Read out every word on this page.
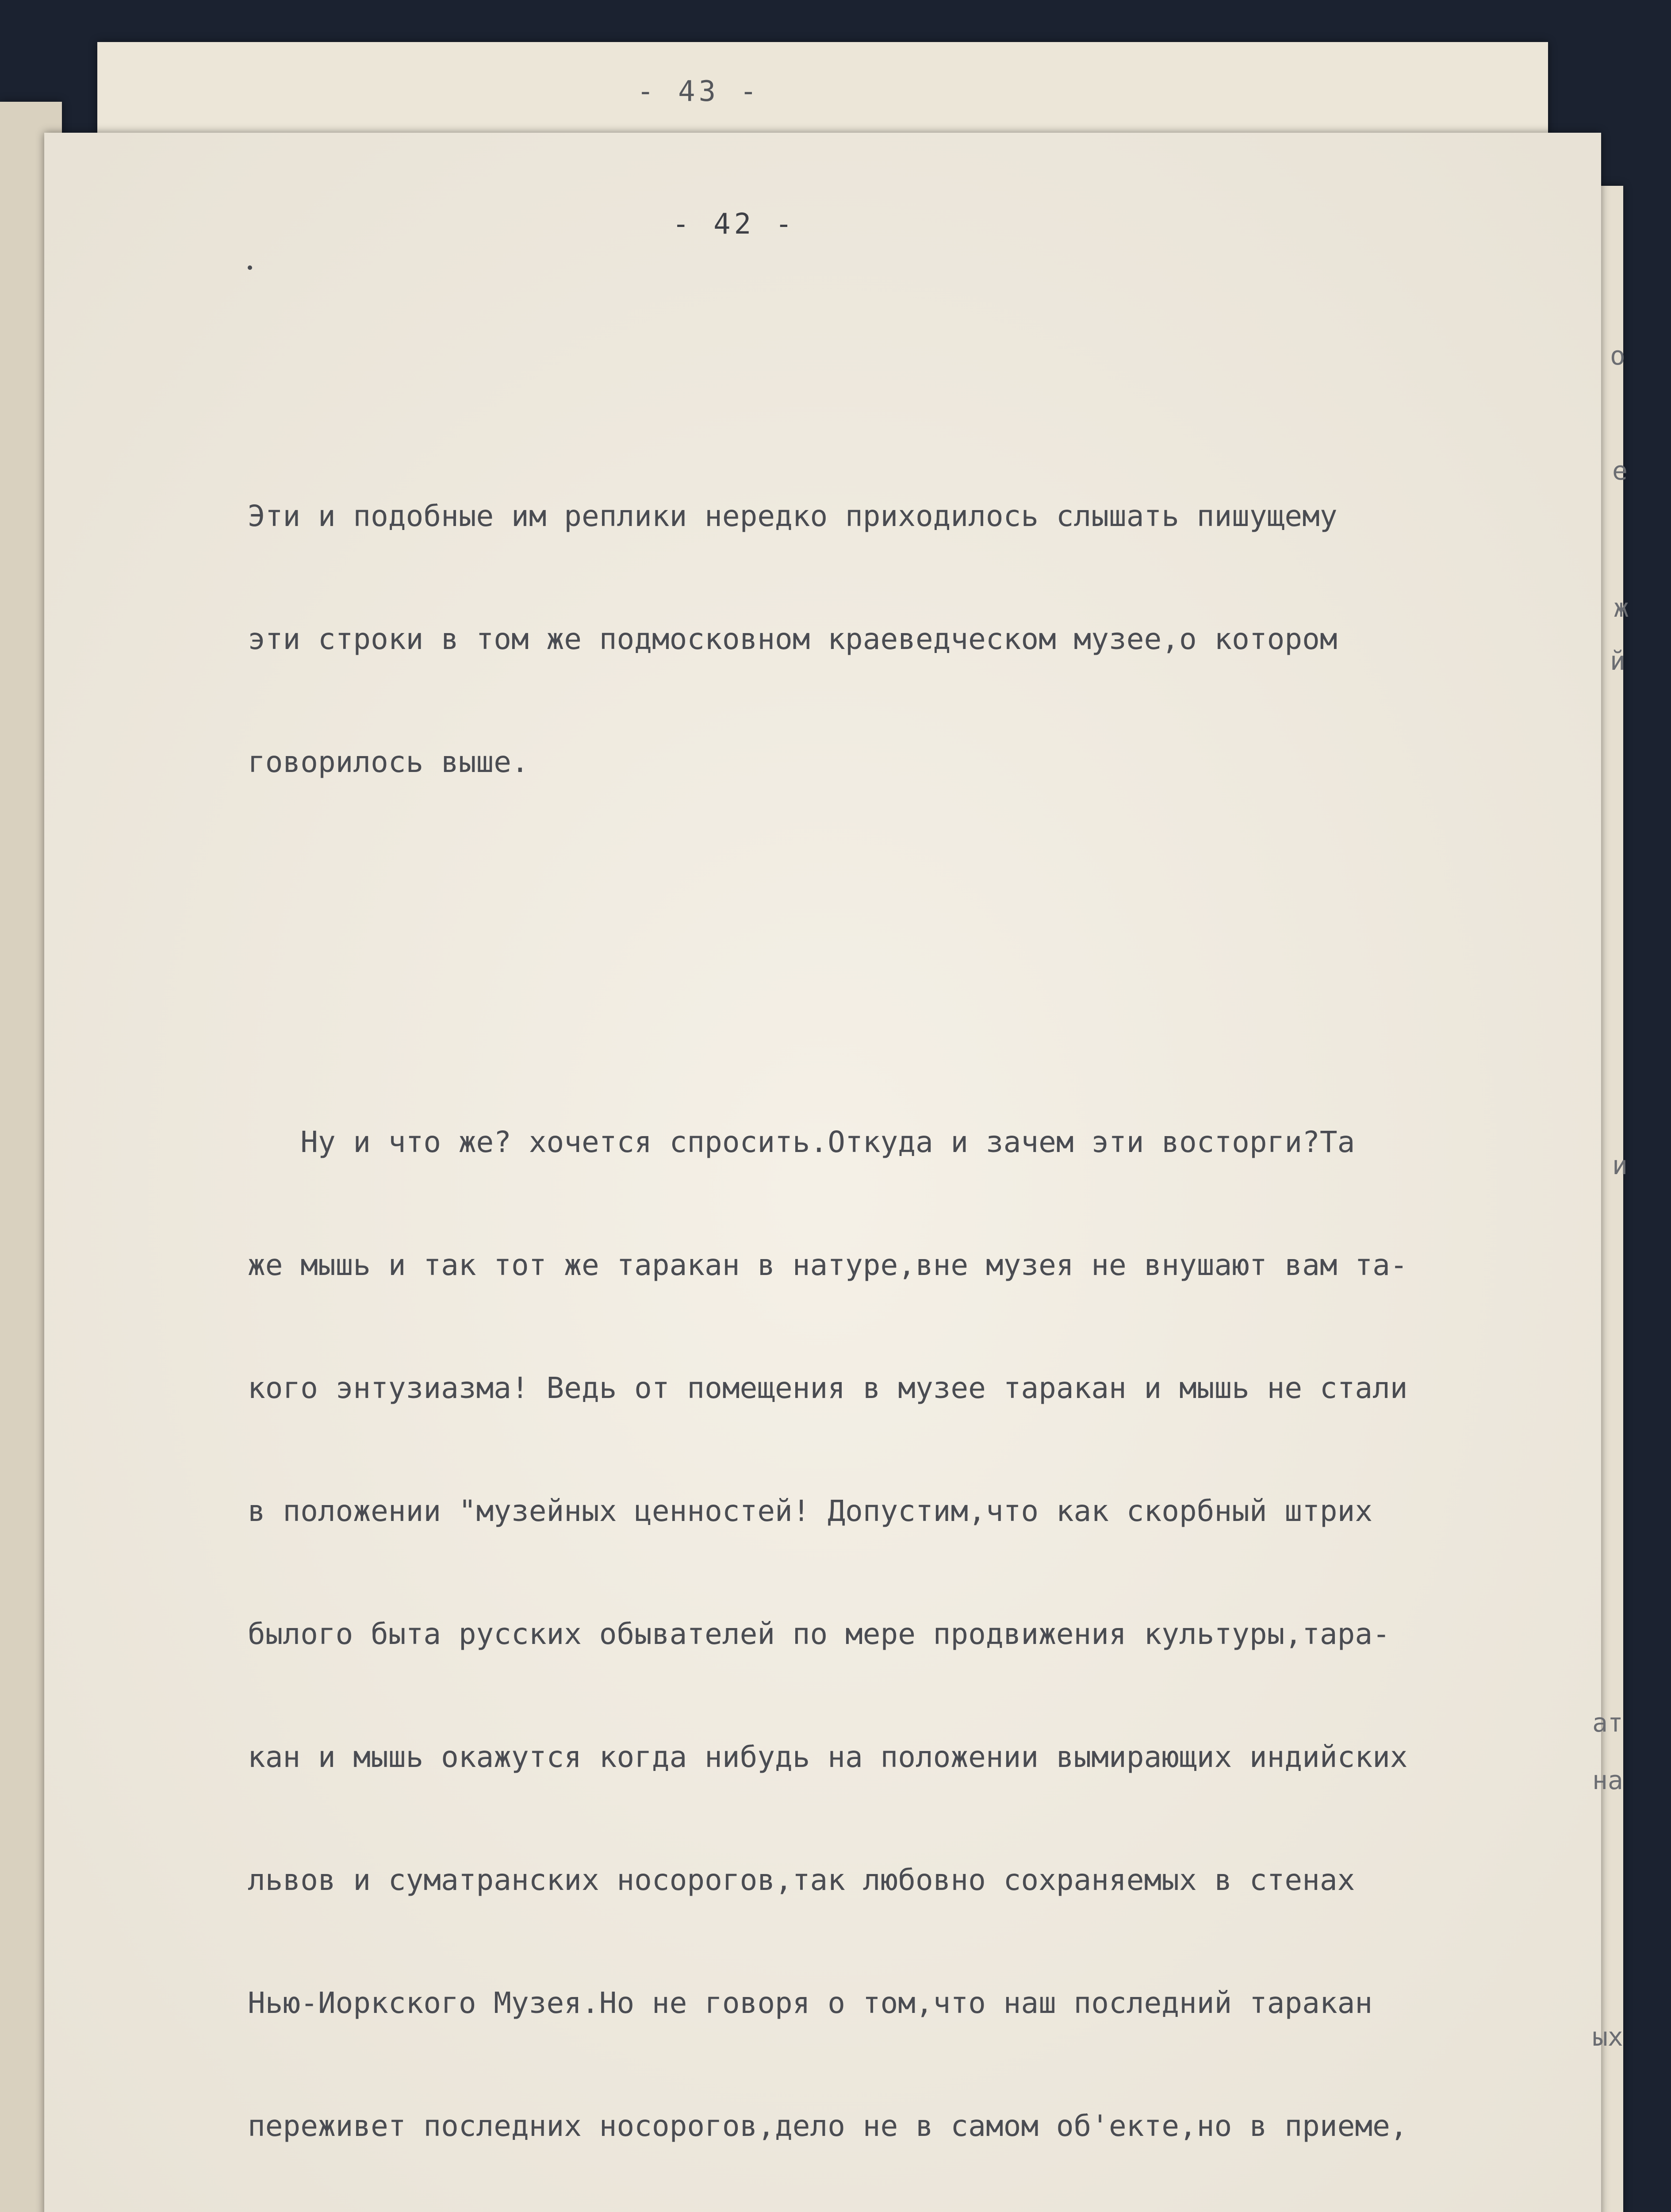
- 43 -
- 42 -

Эти и подобные им реплики нередко приходилось слышать пишущему

эти строки в том же подмосковном краеведческом музее,о котором

говорилось выше.

Ну и что же? хочется спросить.Откуда и зачем эти восторги?Та

же мышь и так тот же таракан в натуре,вне музея не внушают вам та-

кого энтузиазма! Ведь от помещения в музее таракан и мышь не стали

в положении "музейных ценностей! Допустим,что как скорбный штрих

былого быта русских обывателей по мере продвижения культуры,тара-

кан и мышь окажутся когда нибудь на положении вымирающих индийских

львов и суматранских носорогов,так любовно сохраняемых в стенах

Нью-Иоркского Музея.Но не говоря о том,что наш последний таракан

переживет последних носорогов,дело не в самом об'екте,но в приеме,

о
е
ж
й
и
ат
на
ых
